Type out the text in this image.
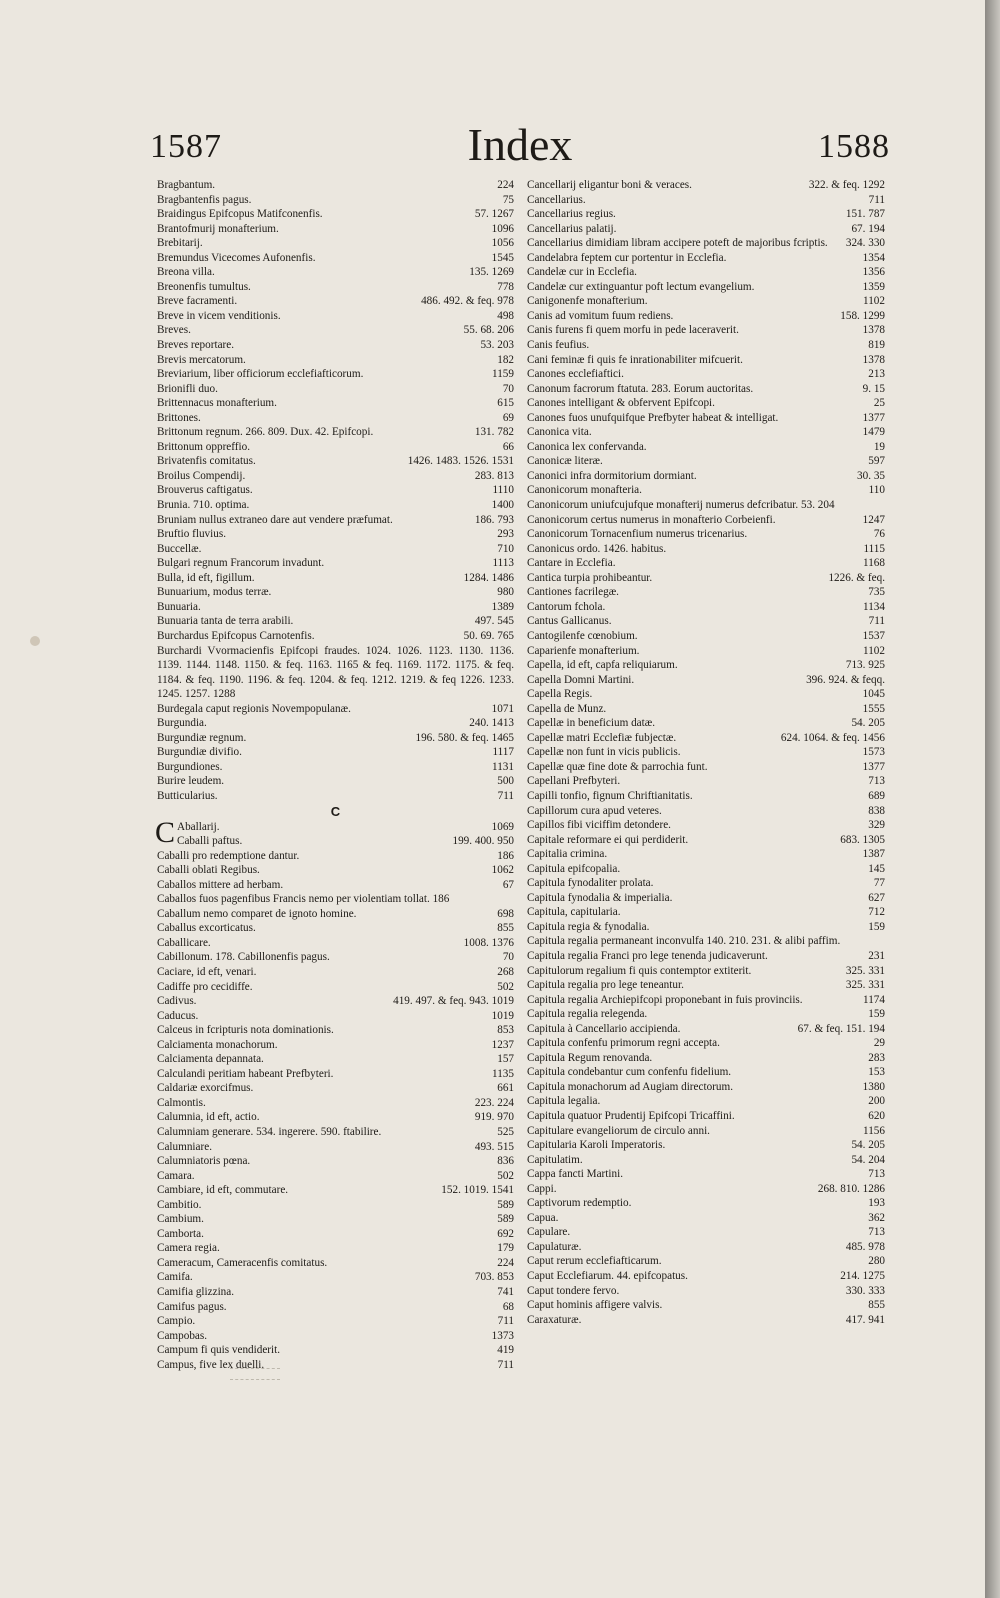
1587	Index	1588
Bragbantum.	224
Bragbantenfis pagus.	75
Braidingus Epifcopus Matifconenfis.	57. 1267
Brantofmurij monafterium.	1096
Brebitarij.	1056
Bremundus Vicecomes Aufonenfis.	1545
Breona villa.	135. 1269
Breonenfis tumultus.	778
Breve facramenti.	486. 492. & feq. 978
Breve in vicem venditionis.	498
Breves.	55. 68. 206
Breves reportare.	53. 203
Brevis mercatorum.	182
Breviarium, liber officiorum ecclefiafticorum.	1159
Brionifli duo.	70
Brittennacus monafterium.	615
Brittones.	69
Brittonum regnum. 266. 809. Dux. 42. Epifcopi.	131. 782
Brittonum oppreffio.	66
Brivatenfis comitatus.	1426. 1483. 1526. 1531
Broilus Compendij.	283. 813
Brouverus caftigatus.	1110
Brunia. 710. optima.	1400
Bruniam nullus extraneo dare aut vendere præfumat.	186. 793
Bruftio fluvius.	293
Buccellæ.	710
Bulgari regnum Francorum invadunt.	1113
Bulla, id eft, figillum.	1284. 1486
Bunuarium, modus terræ.	980
Bunuaria.	1389
Bunuaria tanta de terra arabili.	497. 545
Burchardus Epifcopus Carnotenfis.	50. 69. 765
Burchardi Vvormacienfis Epifcopi fraudes. 1024. 1026. 1123. 1130. 1136. 1139. 1144. 1148. 1150. & feq. 1163. 1165 & feq. 1169. 1172. 1175. & feq. 1184. & feq. 1190. 1196. & feq. 1204. & feq. 1212. 1219. & feq 1226. 1233. 1245. 1257. 1288
Burdegala caput regionis Novempopulanæ.	1071
Burgundia.	240. 1413
Burgundiæ regnum.	196. 580. & feq. 1465
Burgundiæ divifio.	1117
Burgundiones.	1131
Burire leudem.	500
Butticularius.	711
C
C Aballarij.	1069
Caballi paftus.	199. 400. 950
Caballi pro redemptione dantur.	186
Caballi oblati Regibus.	1062
Caballos mittere ad herbam.	67
Caballos fuos pagenfibus Francis nemo per violentiam tollat. 186
Caballum nemo comparet de ignoto homine.	698
Caballus excorticatus.	855
Caballicare.	1008. 1376
Cabillonum. 178. Cabillonenfis pagus.	70
Caciare, id eft, venari.	268
Cadiffe pro cecidiffe.	502
Cadivus.	419. 497. & feq. 943. 1019
Caducus.	1019
Calceus in fcripturis nota dominationis.	853
Calciamenta monachorum.	1237
Calciamenta depannata.	157
Calculandi peritiam habeant Prefbyteri.	1135
Caldariæ exorcifmus.	661
Calmontis.	223. 224
Calumnia, id eft, actio.	919. 970
Calumniam generare. 534. ingerere. 590. ftabilire.	525
Calumniare.	493. 515
Calumniatoris pœna.	836
Camara.	502
Cambiare, id eft, commutare.	152. 1019. 1541
Cambitio.	589
Cambium.	589
Camborta.	692
Camera regia.	179
Cameracum, Cameracenfis comitatus.	224
Camifa.	703. 853
Camifia glizzina.	741
Camifus pagus.	68
Campio.	711
Campobas.	1373
Campum fi quis vendiderit.	419
Campus, five lex duelli.	711
Cancellarij eligantur boni & veraces.	322. & feq. 1292
Cancellarius.	711
Cancellarius regius.	151. 787
Cancellarius palatij.	67. 194
Cancellarius dimidiam libram accipere poteft de majoribus fcriptis.	324. 330
Candelabra feptem cur portentur in Ecclefia.	1354
Candelæ cur in Ecclefia.	1356
Candelæ cur extinguantur poft lectum evangelium.	1359
Canigonenfe monafterium.	1102
Canis ad vomitum fuum rediens.	158. 1299
Canis furens fi quem morfu in pede laceraverit.	1378
Canis feufius.	819
Cani feminæ fi quis fe inrationabiliter mifcuerit.	1378
Canones ecclefiaftici.	213
Canonum facrorum ftatuta. 283. Eorum auctoritas.	9. 15
Canones intelligant & obfervent Epifcopi.	25
Canones fuos unufquifque Prefbyter habeat & intelligat.	1377
Canonica vita.	1479
Canonica lex confervanda.	19
Canonicæ literæ.	597
Canonici infra dormitorium dormiant.	30. 35
Canonicorum monafteria.	110
Canonicorum uniufcujufque monafterij numerus defcribatur. 53. 204
Canonicorum certus numerus in monafterio Corbeienfi.	1247
Canonicorum Tornacenfium numerus tricenarius.	76
Canonicus ordo. 1426. habitus.	1115
Cantare in Ecclefia.	1168
Cantica turpia prohibeantur.	1226. & feq.
Cantiones facrilegæ.	735
Cantorum fchola.	1134
Cantus Gallicanus.	711
Cantogilenfe cœnobium.	1537
Caparienfe monafterium.	1102
Capella, id eft, capfa reliquiarum.	713. 925
Capella Domni Martini.	396. 924. & feqq.
Capella Regis.	1045
Capella de Munz.	1555
Capellæ in beneficium datæ.	54. 205
Capellæ matri Ecclefiæ fubjectæ.	624. 1064. & feq. 1456
Capellæ non funt in vicis publicis.	1573
Capellæ quæ fine dote & parrochia funt.	1377
Capellani Prefbyteri.	713
Capilli tonfio, fignum Chriftianitatis.	689
Capillorum cura apud veteres.	838
Capillos fibi viciffim detondere.	329
Capitale reformare ei qui perdiderit.	683. 1305
Capitalia crimina.	1387
Capitula epifcopalia.	145
Capitula fynodaliter prolata.	77
Capitula fynodalia & imperialia.	627
Capitula, capitularia.	712
Capitula regia & fynodalia.	159
Capitula regalia permaneant inconvulfa 140. 210. 231. & alibi paffim.
Capitula regalia Franci pro lege tenenda judicaverunt.	231
Capitulorum regalium fi quis contemptor extiterit.	325. 331
Capitula regalia pro lege teneantur.	325. 331
Capitula regalia Archiepifcopi proponebant in fuis provinciis.	1174
Capitula regalia relegenda.	159
Capitula à Cancellario accipienda.	67. & feq. 151. 194
Capitula confenfu primorum regni accepta.	29
Capitula Regum renovanda.	283
Capitula condebantur cum confenfu fidelium.	153
Capitula monachorum ad Augiam directorum.	1380
Capitula legalia.	200
Capitula quatuor Prudentij Epifcopi Tricaffini.	620
Capitulare evangeliorum de circulo anni.	1156
Capitularia Karoli Imperatoris.	54. 205
Capitulatim.	54. 204
Cappa fancti Martini.	713
Cappi.	268. 810. 1286
Captivorum redemptio.	193
Capua.	362
Capulare.	713
Capulaturæ.	485. 978
Caput rerum ecclefiafticarum.	280
Caput Ecclefiarum. 44. epifcopatus.	214. 1275
Caput tondere fervo.	330. 333
Caput hominis affigere valvis.	855
Caraxaturæ.	417. 941
